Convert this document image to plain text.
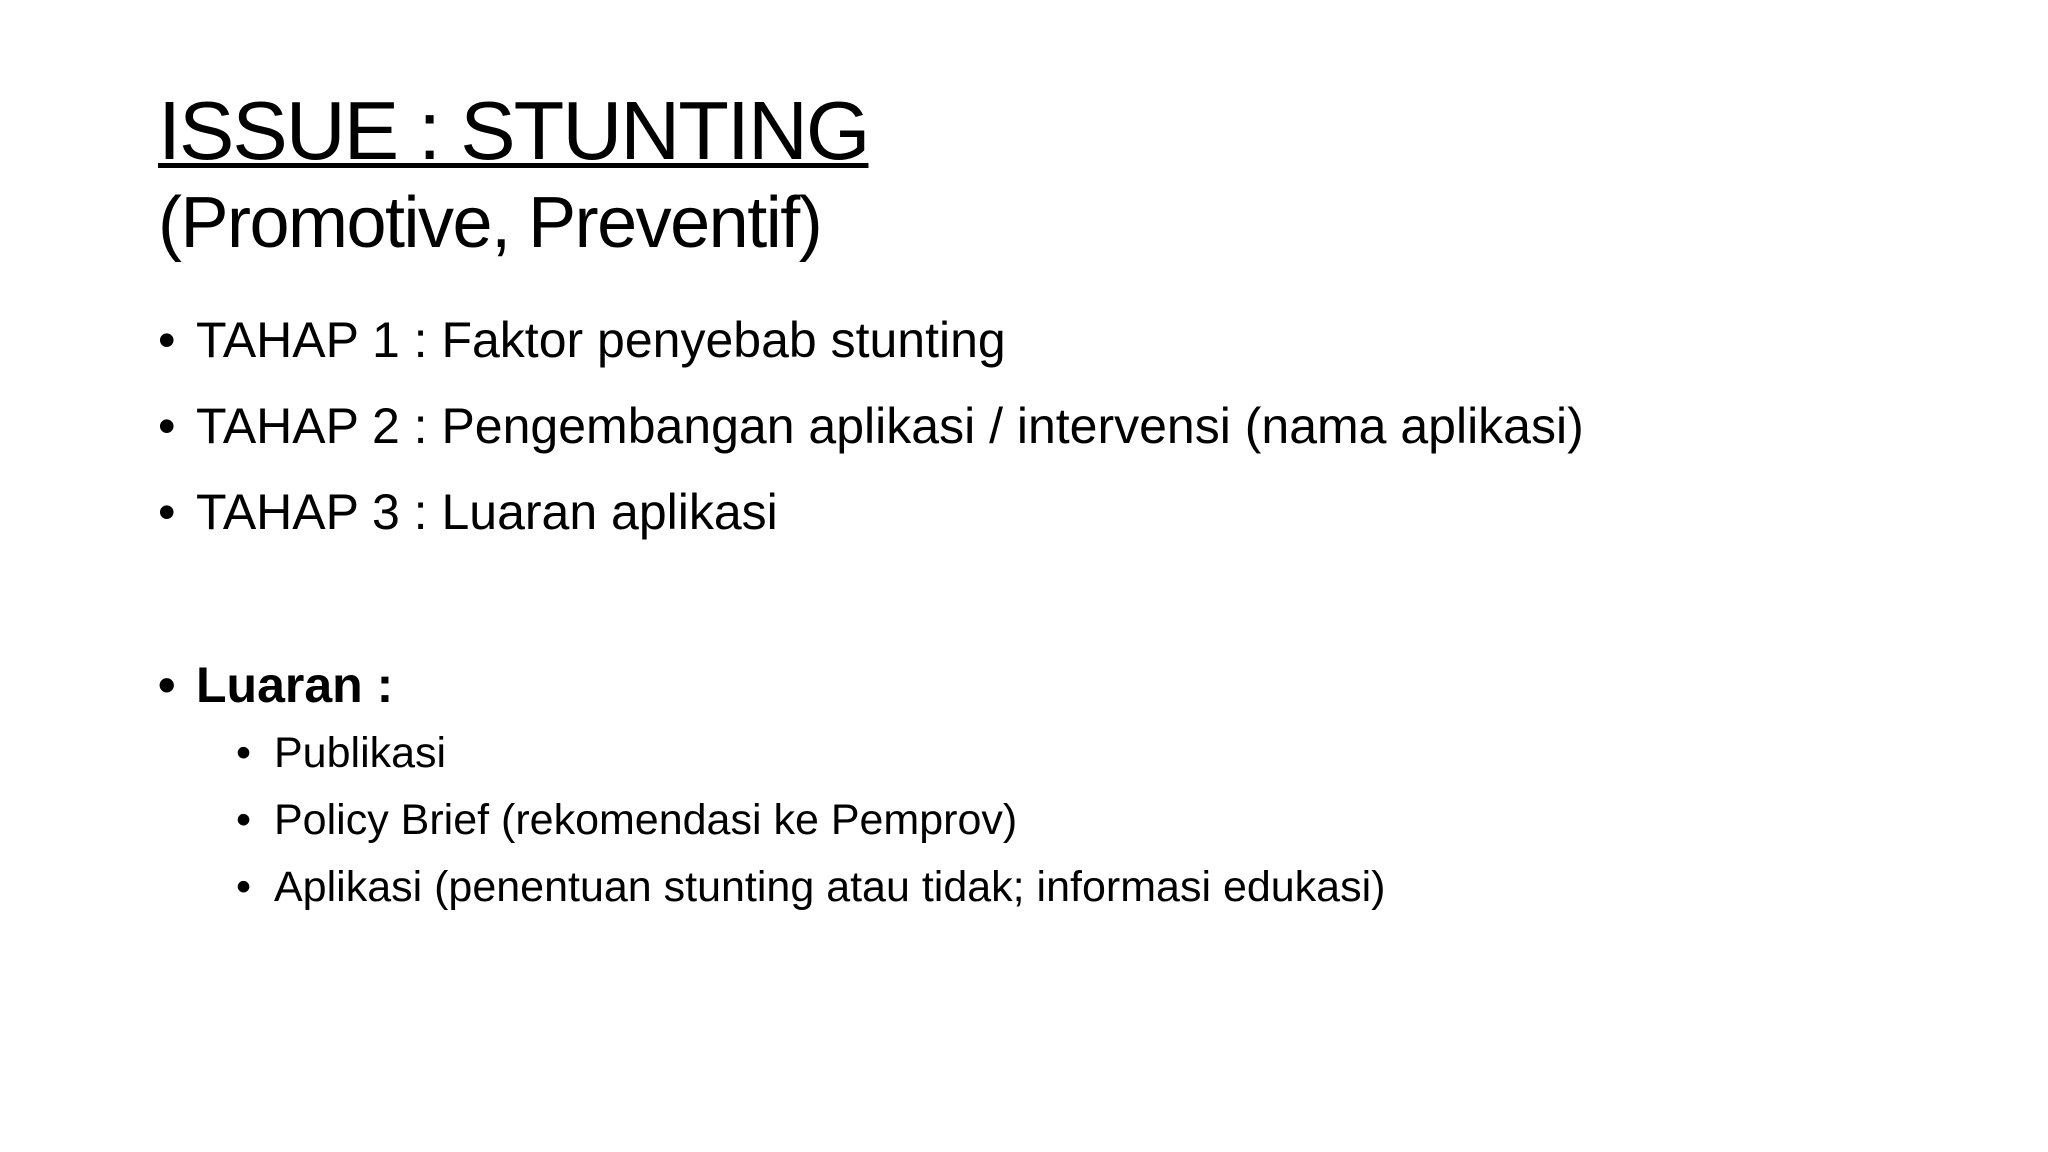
ISSUE : STUNTING
(Promotive, Preventif)
• TAHAP 1 : Faktor penyebab stunting
• TAHAP 2 : Pengembangan aplikasi / intervensi (nama aplikasi)
• TAHAP 3 : Luaran aplikasi
• Luaran :
• Publikasi
• Policy Brief (rekomendasi ke Pemprov)
• Aplikasi (penentuan stunting atau tidak; informasi edukasi)
